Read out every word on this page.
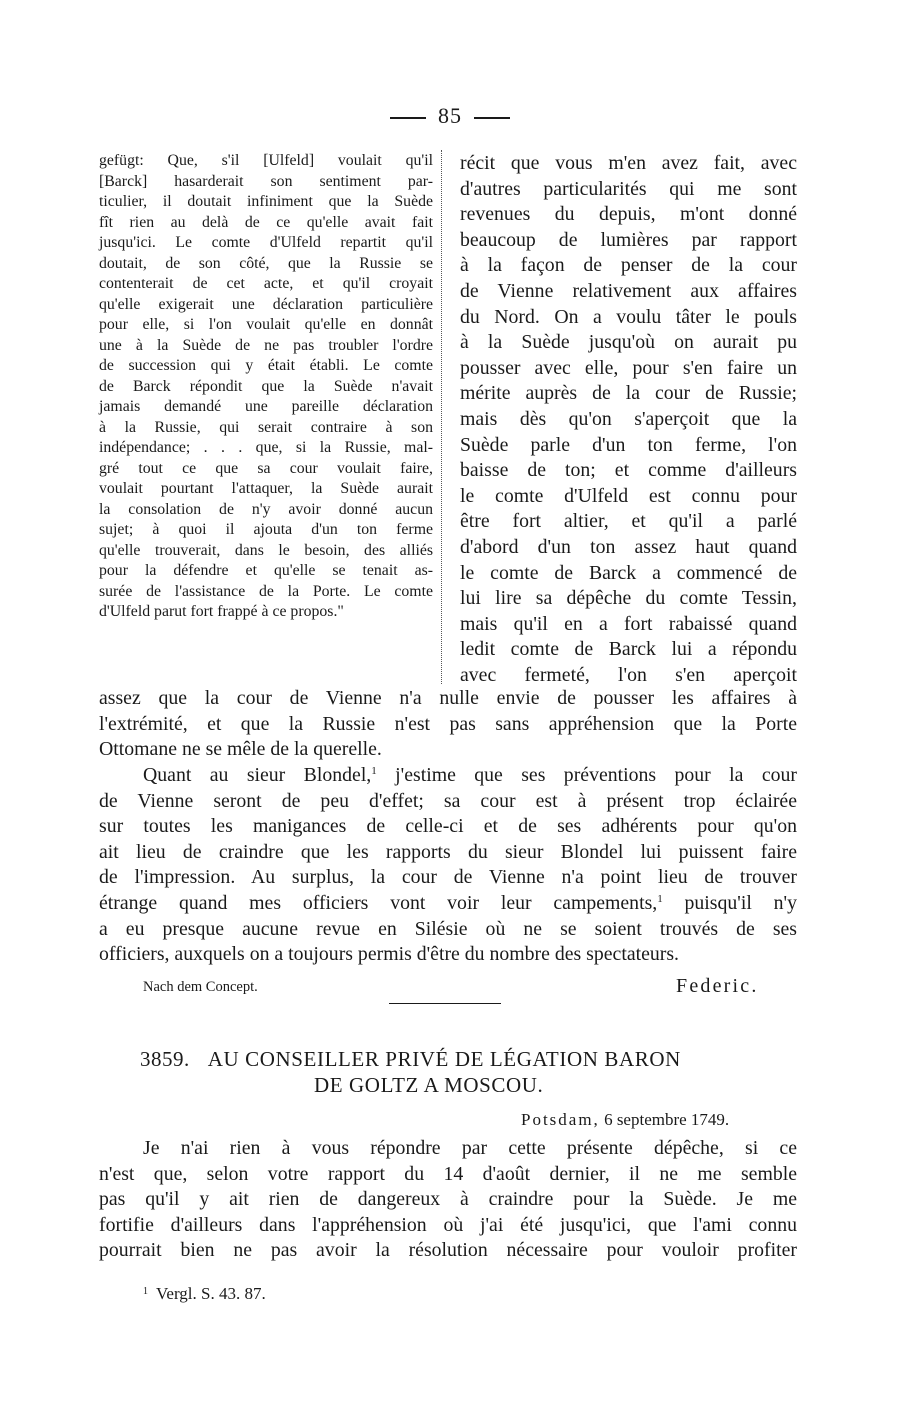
85
gefügt: Que, s'il [Ulfeld] voulait qu'il
[Barck] hasarderait son sentiment par-
ticulier, il doutait infiniment que la Suède
fît rien au delà de ce qu'elle avait fait
jusqu'ici. Le comte d'Ulfeld repartit qu'il
doutait, de son côté, que la Russie se
contenterait de cet acte, et qu'il croyait
qu'elle exigerait une déclaration particulière
pour elle, si l'on voulait qu'elle en donnât
une à la Suède de ne pas troubler l'ordre
de succession qui y était établi. Le comte
de Barck répondit que la Suède n'avait
jamais demandé une pareille déclaration
à la Russie, qui serait contraire à son
indépendance; . . . que, si la Russie, mal-
gré tout ce que sa cour voulait faire,
voulait pourtant l'attaquer, la Suède aurait
la consolation de n'y avoir donné aucun
sujet; à quoi il ajouta d'un ton ferme
qu'elle trouverait, dans le besoin, des alliés
pour la défendre et qu'elle se tenait as-
surée de l'assistance de la Porte. Le comte
d'Ulfeld parut fort frappé à ce propos."
récit que vous m'en avez fait, avec
d'autres particularités qui me sont
revenues du depuis, m'ont donné
beaucoup de lumières par rapport
à la façon de penser de la cour
de Vienne relativement aux affaires
du Nord. On a voulu tâter le pouls
à la Suède jusqu'où on aurait pu
pousser avec elle, pour s'en faire un
mérite auprès de la cour de Russie;
mais dès qu'on s'aperçoit que la
Suède parle d'un ton ferme, l'on
baisse de ton; et comme d'ailleurs
le comte d'Ulfeld est connu pour
être fort altier, et qu'il a parlé
d'abord d'un ton assez haut quand
le comte de Barck a commencé de
lui lire sa dépêche du comte Tessin,
mais qu'il en a fort rabaissé quand
ledit comte de Barck lui a répondu
avec fermeté, l'on s'en aperçoit
assez que la cour de Vienne n'a nulle envie de pousser les affaires à
l'extrémité, et que la Russie n'est pas sans appréhension que la Porte
Ottomane ne se mêle de la querelle.
Quant au sieur Blondel,$^1$ j'estime que ses préventions pour la cour
de Vienne seront de peu d'effet; sa cour est à présent trop éclairée
sur toutes les manigances de celle-ci et de ses adhérents pour qu'on
ait lieu de craindre que les rapports du sieur Blondel lui puissent faire
de l'impression. Au surplus, la cour de Vienne n'a point lieu de trouver
étrange quand mes officiers vont voir leur campements,$^1$ puisqu'il n'y
a eu presque aucune revue en Silésie où ne se soient trouvés de ses
officiers, auxquels on a toujours permis d'être du nombre des spectateurs.
Nach dem Concept.	Federic.
3859. AU CONSEILLER PRIVÉ DE LÉGATION BARON
DE GOLTZ A MOSCOU.
Potsdam, 6 septembre 1749.
Je n'ai rien à vous répondre par cette présente dépêche, si ce
n'est que, selon votre rapport du 14 d'août dernier, il ne me semble
pas qu'il y ait rien de dangereux à craindre pour la Suède. Je me
fortifie d'ailleurs dans l'appréhension où j'ai été jusqu'ici, que l'ami connu
pourrait bien ne pas avoir la résolution nécessaire pour vouloir profiter
$^1$ Vergl. S. 43. 87.
